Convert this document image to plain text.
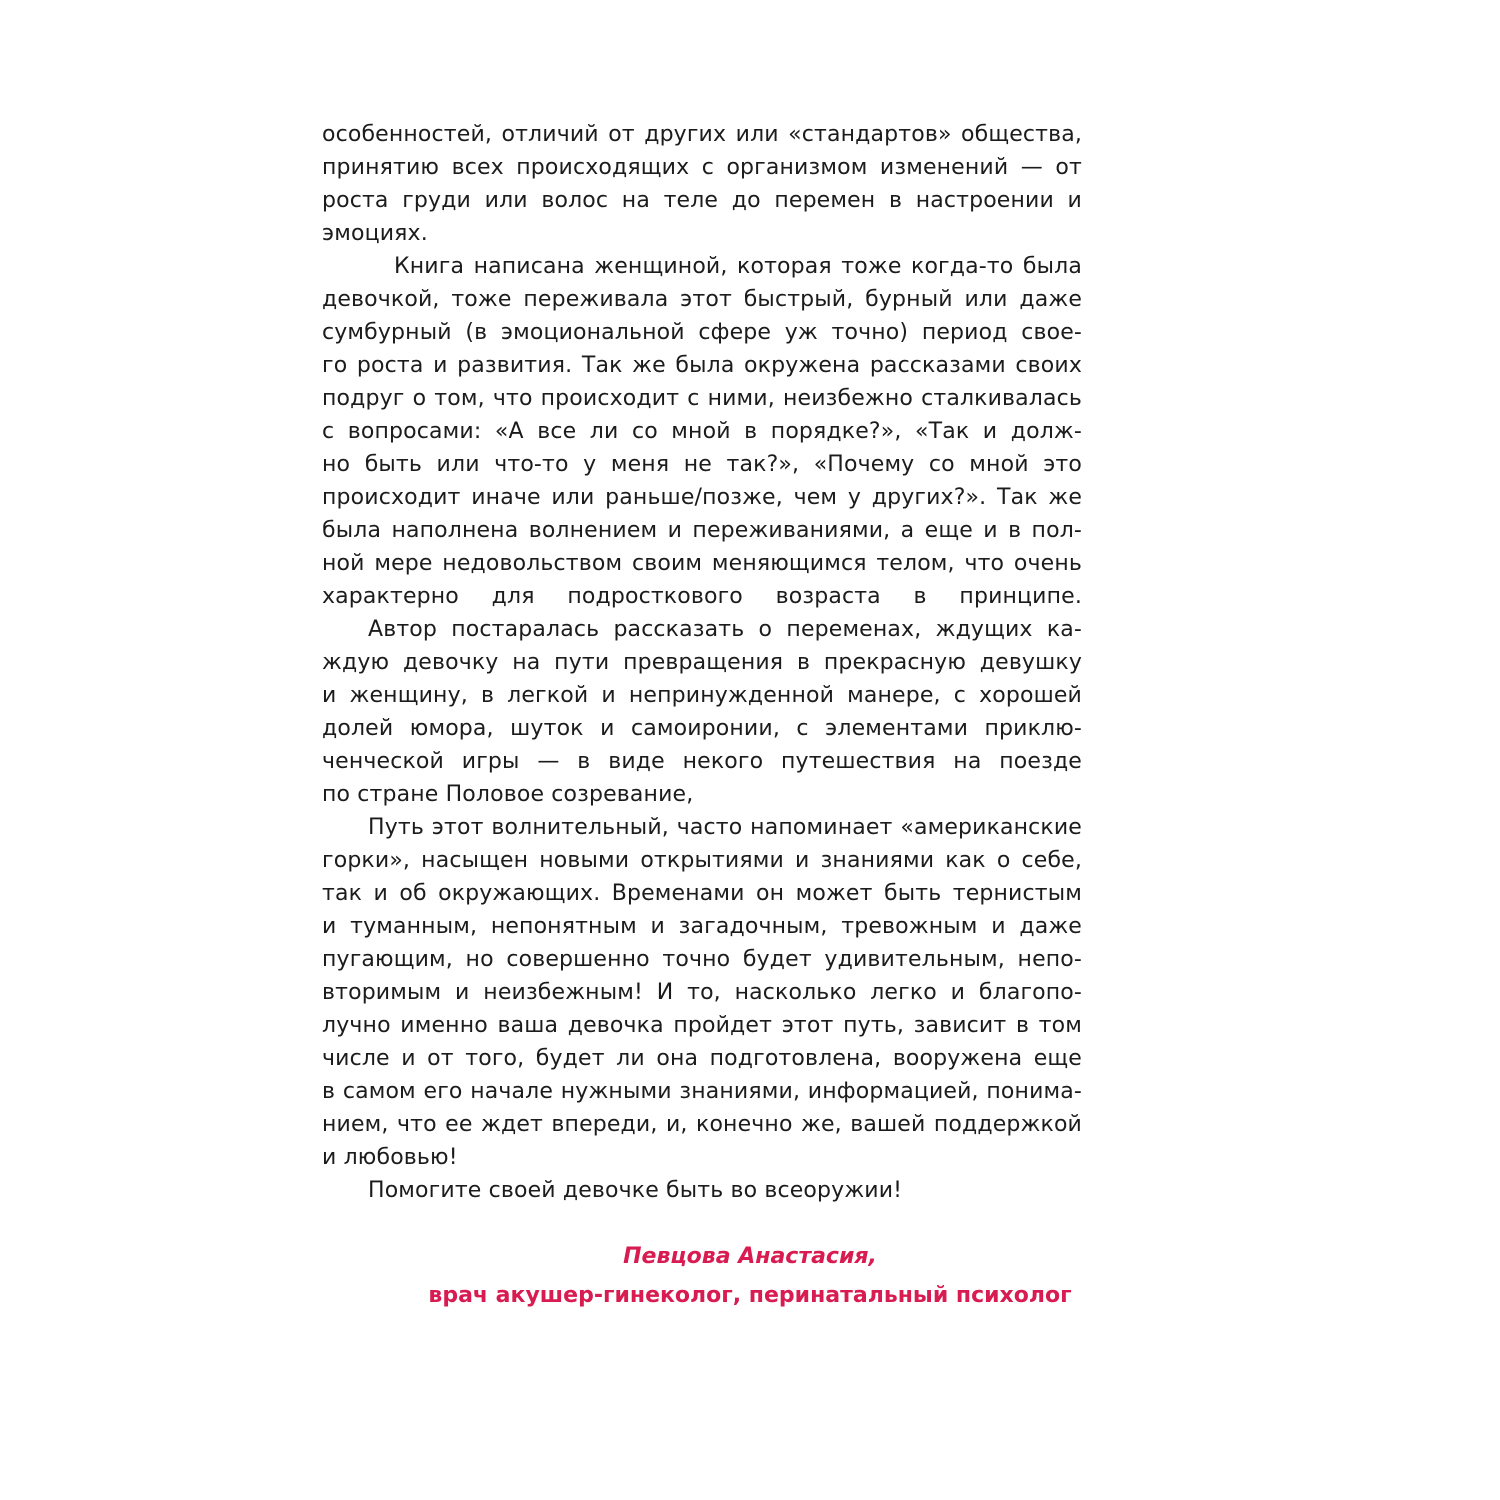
особенностей, отличий от других или «стандартов» общества,
принятию всех происходящих с организмом изменений — от
роста груди или волос на теле до перемен в настроении и
эмоциях.
Книга написана женщиной, которая тоже когда-то была
девочкой, тоже переживала этот быстрый, бурный или даже
сумбурный (в эмоциональной сфере уж точно) период свое-
го роста и развития. Так же была окружена рассказами своих
подруг о том, что происходит с ними, неизбежно сталкивалась
с вопросами: «А все ли со мной в порядке?», «Так и долж-
но быть или что-то у меня не так?», «Почему со мной это
происходит иначе или раньше/позже, чем у других?». Так же
была наполнена волнением и переживаниями, а еще и в пол-
ной мере недовольством своим меняющимся телом, что очень
характерно для подросткового возраста в принципе.
Автор постаралась рассказать о переменах, ждущих ка-
ждую девочку на пути превращения в прекрасную девушку
и женщину, в легкой и непринужденной манере, с хорошей
долей юмора, шуток и самоиронии, с элементами приклю-
ченческой игры — в виде некого путешествия на поезде
по стране Половое созревание,
Путь этот волнительный, часто напоминает «американские
горки», насыщен новыми открытиями и знаниями как о себе,
так и об окружающих. Временами он может быть тернистым
и туманным, непонятным и загадочным, тревожным и даже
пугающим, но совершенно точно будет удивительным, непо-
вторимым и неизбежным! И то, насколько легко и благопо-
лучно именно ваша девочка пройдет этот путь, зависит в том
числе и от того, будет ли она подготовлена, вооружена еще
в самом его начале нужными знаниями, информацией, понима-
нием, что ее ждет впереди, и, конечно же, вашей поддержкой
и любовью!
Помогите своей девочке быть во всеоружии!
Певцова Анастасия,
врач акушер-гинеколог, перинатальный психолог
